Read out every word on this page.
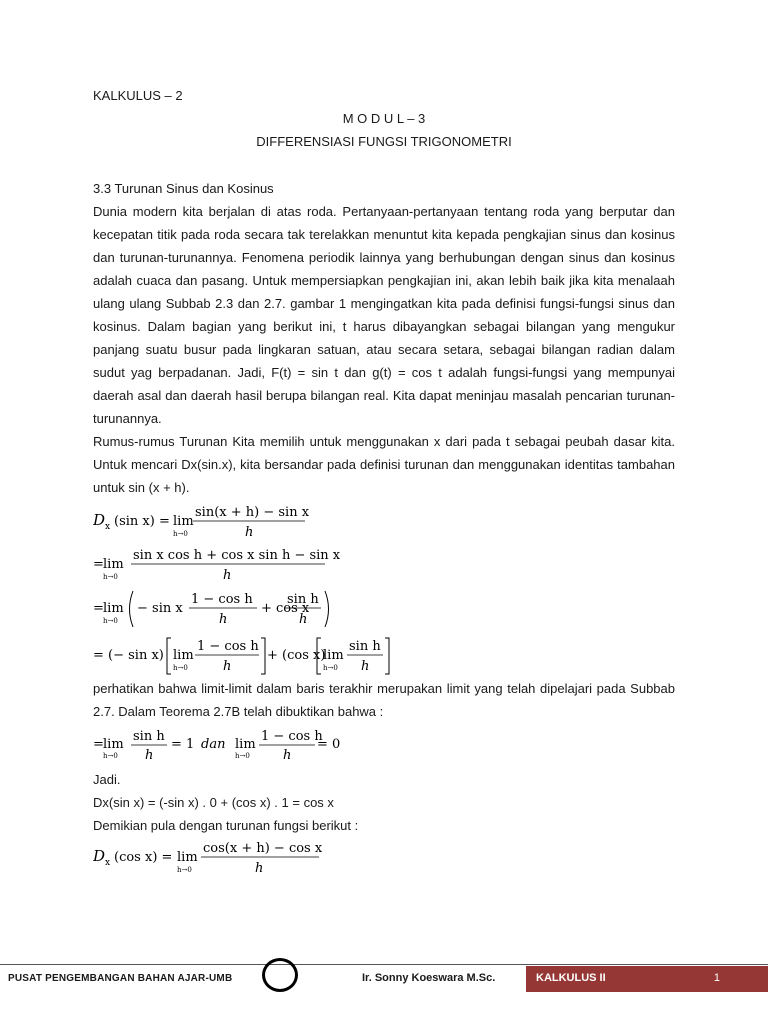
KALKULUS – 2
M O D U L – 3
DIFFERENSIASI FUNGSI TRIGONOMETRI

3.3 Turunan Sinus dan Kosinus

Dunia modern kita berjalan di atas roda. Pertanyaan-pertanyaan tentang roda yang berputar dan kecepatan titik pada roda secara tak terelakkan menuntut kita kepada pengkajian sinus dan kosinus dan turunan-turunannya. Fenomena periodik lainnya yang berhubungan dengan sinus dan kosinus adalah cuaca dan pasang. Untuk mempersiapkan pengkajian ini, akan lebih baik jika kita menalaah ulang ulang Subbab 2.3 dan 2.7. gambar 1 mengingatkan kita pada definisi fungsi-fungsi sinus dan kosinus. Dalam bagian yang berikut ini, t harus dibayangkan sebagai bilangan yang mengukur panjang suatu busur pada lingkaran satuan, atau secara setara, sebagai bilangan radian dalam sudut yag berpadanan. Jadi, F(t) = sin t dan g(t) = cos t adalah fungsi-fungsi yang mempunyai daerah asal dan daerah hasil berupa bilangan real. Kita dapat meninjau masalah pencarian turunan-turunannya.

Rumus-rumus Turunan Kita memilih untuk menggunakan x dari pada t sebagai peubah dasar kita. Untuk mencari Dx(sin.x), kita bersandar pada definisi turunan dan menggunakan identitas tambahan untuk sin (x + h).

D x (sin x) = lim
h→0
sin(x + h) − sin x
h
= lim
h→0
sin x cos h + cos x sin h − sin x
h
= lim
h→0
− sin x
1 − cos h
h
+ cos x
sin h
h
= (− sin x) lim
h→0
1 − cos h
h
+ (cos x)
lim
h→0
sin h
h

perhatikan bahwa limit-limit dalam baris terakhir merupakan limit yang telah dipelajari pada Subbab 2.7. Dalam Teorema 2.7B telah dibuktikan bahwa :

= lim
h→0
sin h
h
= 1 dan lim
h→0
1 − cos h
h
= 0

Jadi.

Dx(sin x) = (-sin x) . 0 + (cos x) . 1 = cos x

Demikian pula dengan turunan fungsi berikut :

D x (cos x) = lim
h→0
cos(x + h) − cos x
h
PUSAT PENGEMBANGAN BAHAN AJAR-UMB	Ir. Sonny Koeswara M.Sc.	KALKULUS II	1
